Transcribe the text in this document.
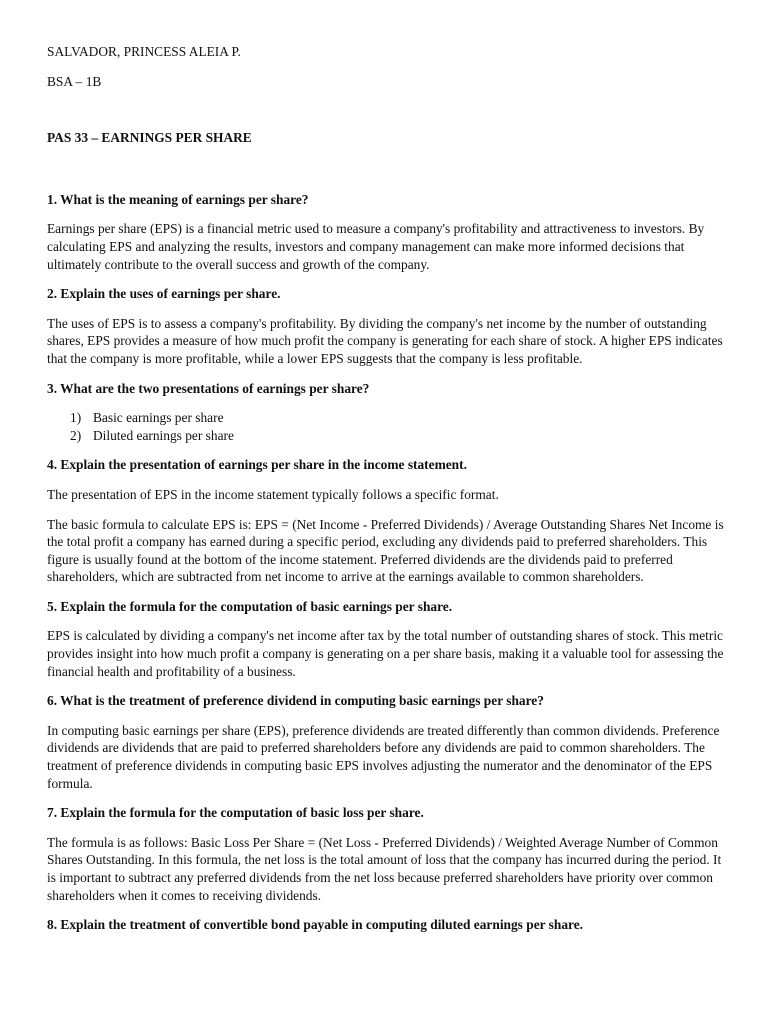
SALVADOR, PRINCESS ALEIA P.

BSA – 1B

PAS 33 – EARNINGS PER SHARE

1. What is the meaning of earnings per share?

Earnings per share (EPS) is a financial metric used to measure a company's profitability and attractiveness to investors. By calculating EPS and analyzing the results, investors and company management can make more informed decisions that ultimately contribute to the overall success and growth of the company.

2. Explain the uses of earnings per share.

The uses of EPS is to assess a company's profitability. By dividing the company's net income by the number of outstanding shares, EPS provides a measure of how much profit the company is generating for each share of stock. A higher EPS indicates that the company is more profitable, while a lower EPS suggests that the company is less profitable.

3. What are the two presentations of earnings per share?

1) Basic earnings per share
2) Diluted earnings per share

4. Explain the presentation of earnings per share in the income statement.

The presentation of EPS in the income statement typically follows a specific format.

The basic formula to calculate EPS is: EPS = (Net Income - Preferred Dividends) / Average Outstanding Shares Net Income is the total profit a company has earned during a specific period, excluding any dividends paid to preferred shareholders. This figure is usually found at the bottom of the income statement. Preferred dividends are the dividends paid to preferred shareholders, which are subtracted from net income to arrive at the earnings available to common shareholders.

5. Explain the formula for the computation of basic earnings per share.

EPS is calculated by dividing a company's net income after tax by the total number of outstanding shares of stock. This metric provides insight into how much profit a company is generating on a per share basis, making it a valuable tool for assessing the financial health and profitability of a business.

6. What is the treatment of preference dividend in computing basic earnings per share?

In computing basic earnings per share (EPS), preference dividends are treated differently than common dividends. Preference dividends are dividends that are paid to preferred shareholders before any dividends are paid to common shareholders. The treatment of preference dividends in computing basic EPS involves adjusting the numerator and the denominator of the EPS formula.

7. Explain the formula for the computation of basic loss per share.

The formula is as follows: Basic Loss Per Share = (Net Loss - Preferred Dividends) / Weighted Average Number of Common Shares Outstanding. In this formula, the net loss is the total amount of loss that the company has incurred during the period. It is important to subtract any preferred dividends from the net loss because preferred shareholders have priority over common shareholders when it comes to receiving dividends.

8. Explain the treatment of convertible bond payable in computing diluted earnings per share.
